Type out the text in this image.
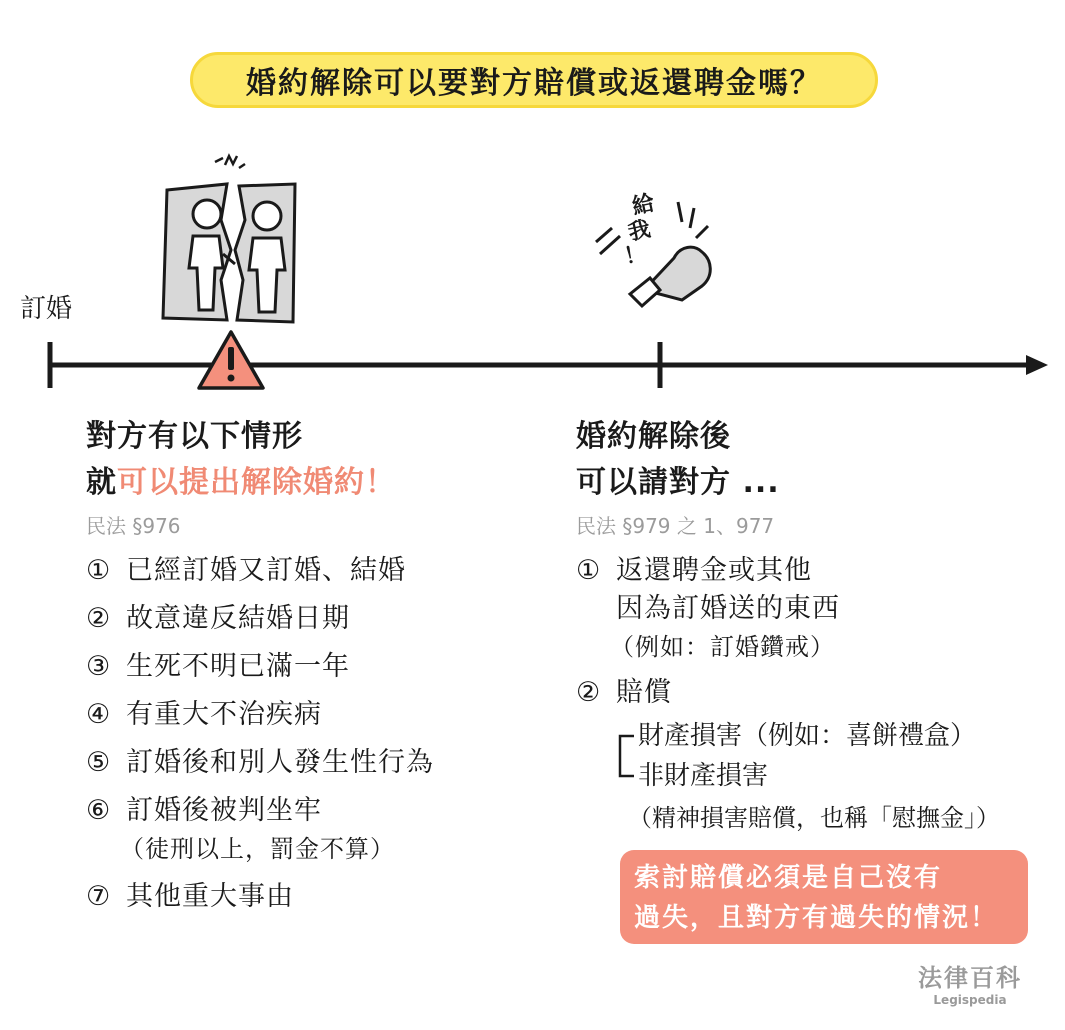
婚約解除可以要對方賠償或返還聘金嗎？
訂婚
給
我
！
對方有以下情形
就可以提出解除婚約！
民法 §976
① 已經訂婚又訂婚、結婚
② 故意違反結婚日期
③ 生死不明已滿一年
④ 有重大不治疾病
⑤ 訂婚後和別人發生性行為
⑥ 訂婚後被判坐牢
（徒刑以上，罰金不算）
⑦ 其他重大事由
婚約解除後
可以請對方 ...
民法 §979 之 1、977
① 返還聘金或其他
因為訂婚送的東西
（例如：訂婚鑽戒）
② 賠償
財產損害（例如：喜餅禮盒）
非財產損害
（精神損害賠償，也稱「慰撫金」）
索討賠償必須是自己沒有
過失，且對方有過失的情況！
法律百科
Legispedia
